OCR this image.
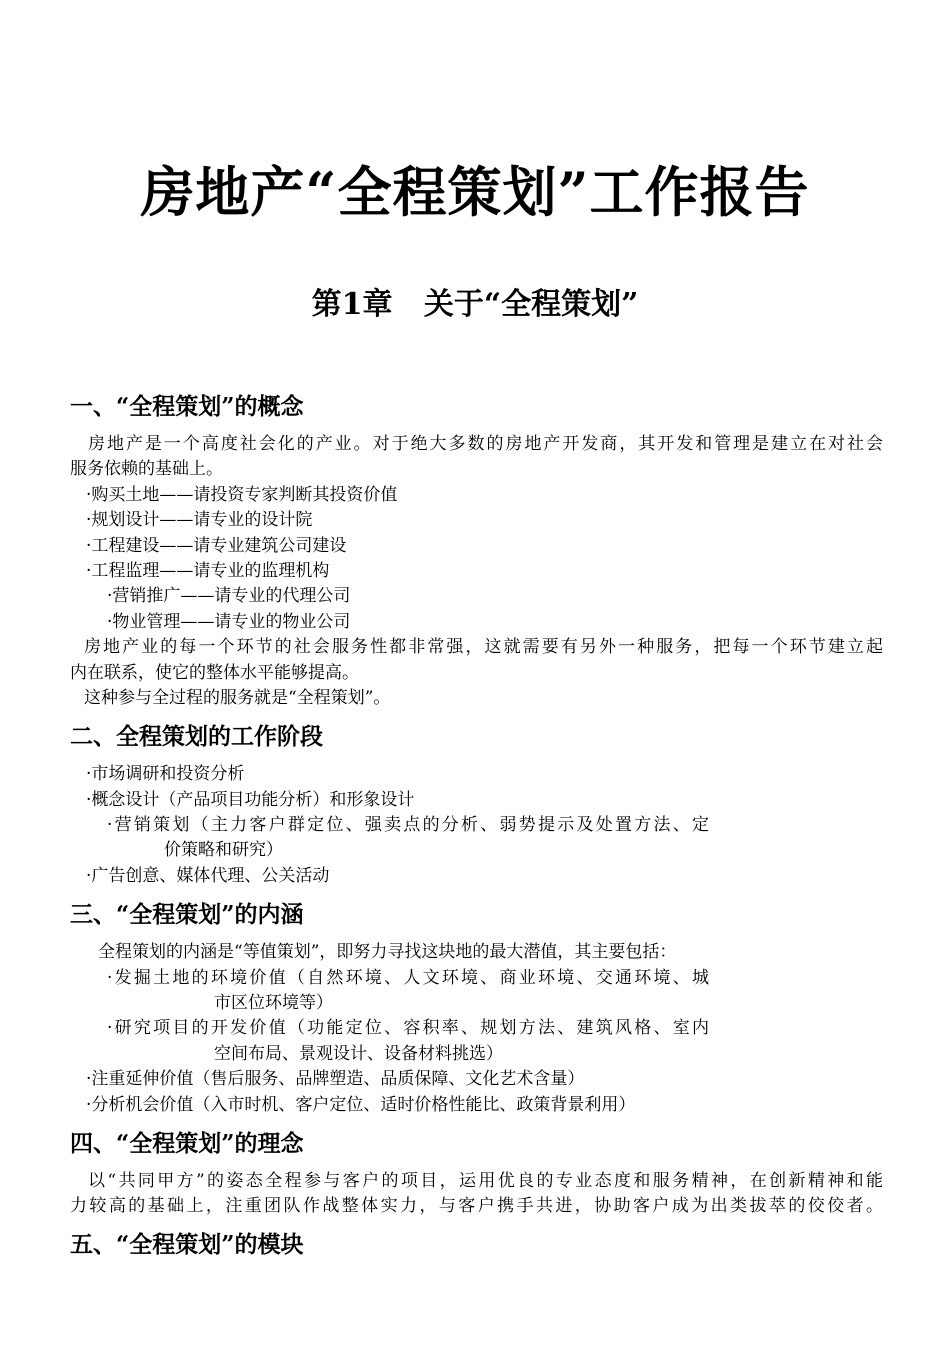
房地产“全程策划”工作报告
第1章   关于“全程策划”
一、“全程策划”的概念
房地产是一个高度社会化的产业。对于绝大多数的房地产开发商，其开发和管理是建立在对社会
服务依赖的基础上。
·购买土地——请投资专家判断其投资价值
·规划设计——请专业的设计院
·工程建设——请专业建筑公司建设
·工程监理——请专业的监理机构
·营销推广——请专业的代理公司
·物业管理——请专业的物业公司
房地产业的每一个环节的社会服务性都非常强，这就需要有另外一种服务，把每一个环节建立起
内在联系，使它的整体水平能够提高。
这种参与全过程的服务就是“全程策划”。
二、全程策划的工作阶段
·市场调研和投资分析
·概念设计（产品项目功能分析）和形象设计
·营销策划（主力客户群定位、强卖点的分析、弱势提示及处置方法、定
价策略和研究）
·广告创意、媒体代理、公关活动
三、“全程策划”的内涵
全程策划的内涵是“等值策划”，即努力寻找这块地的最大潜值，其主要包括：
·发掘土地的环境价值（自然环境、人文环境、商业环境、交通环境、城
市区位环境等）
·研究项目的开发价值（功能定位、容积率、规划方法、建筑风格、室内
空间布局、景观设计、设备材料挑选）
·注重延伸价值（售后服务、品牌塑造、品质保障、文化艺术含量）
·分析机会价值（入市时机、客户定位、适时价格性能比、政策背景利用）
四、“全程策划”的理念
以“共同甲方”的姿态全程参与客户的项目，运用优良的专业态度和服务精神，在创新精神和能
力较高的基础上，注重团队作战整体实力，与客户携手共进，协助客户成为出类拔萃的佼佼者。
五、“全程策划”的模块
